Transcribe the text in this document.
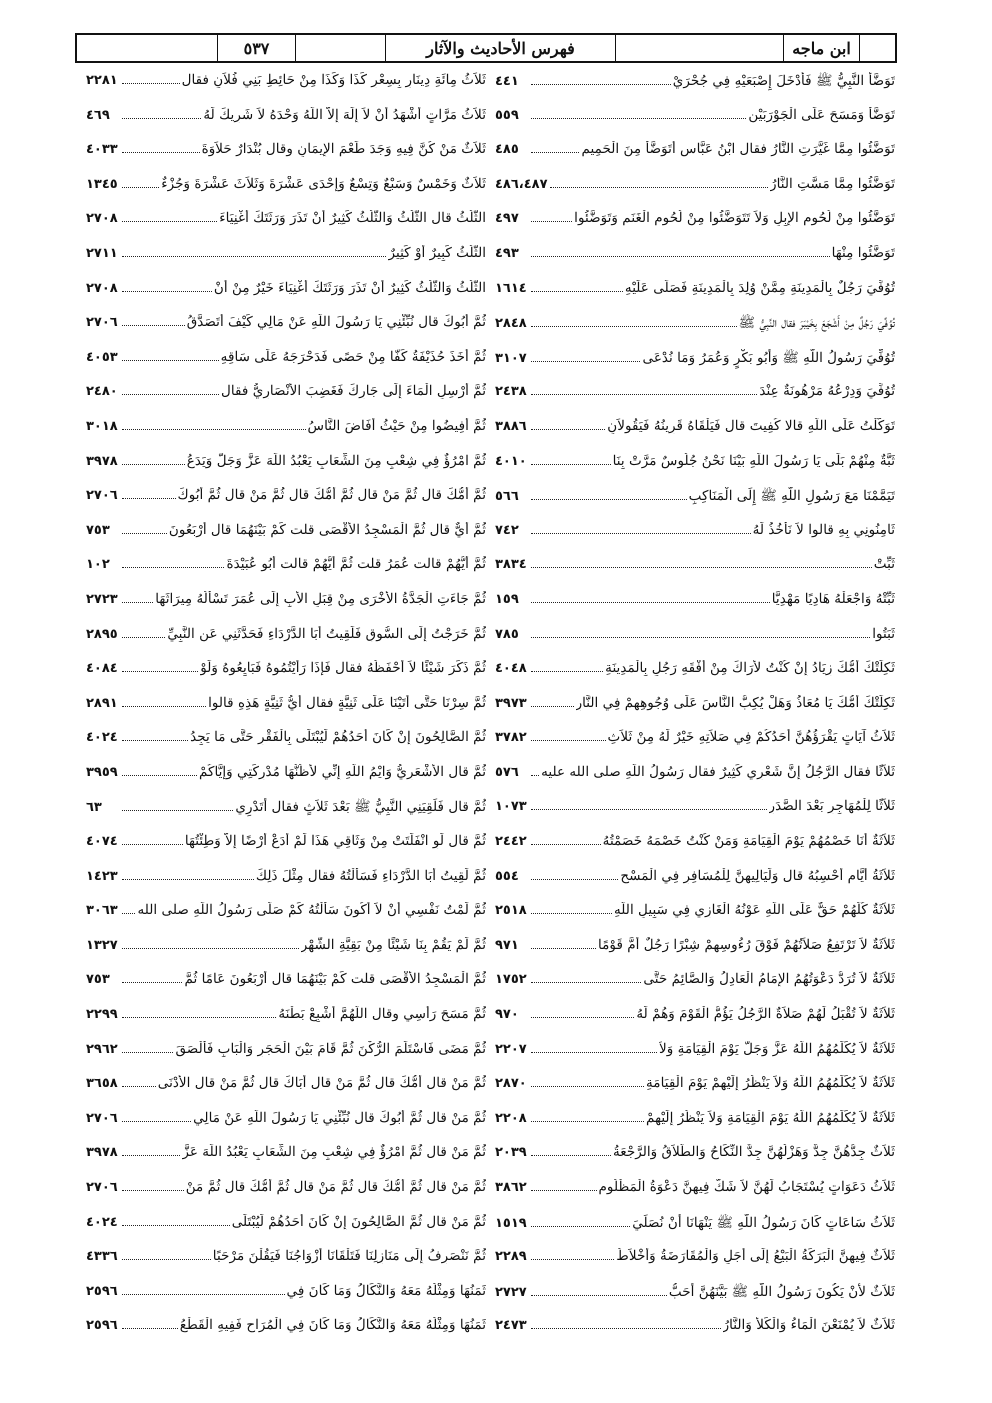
ابن ماجه
فهرس الأحاديث والآثار
٥٣٧
تَوَضَّأَ النَّبِيُّ ﷺ فَأَدْخَلَ إِصْبَعَيْهِ فِي جُحْرَيْ
٤٤١
تَوَضَّأَ وَمَسَحَ عَلَى الْجَوْرَبَيْنِ
٥٥٩
تَوَضَّئُوا مِمَّا غَيَّرَتِ النَّارُ فقال ابْنُ عَبَّاسٍ أَتَوَضَّأُ مِنَ الْحَمِيمِ
٤٨٥
تَوَضَّئُوا مِمَّا مَسَّتِ النَّارُ
٤٨٦،٤٨٧
تَوَضَّئُوا مِنْ لُحُومِ الإِبِلِ وَلاَ تَتَوَضَّئُوا مِنْ لُحُومِ الْغَنَمِ وَتَوَضَّئُوا
٤٩٧
تَوَضَّئُوا مِنْهَا
٤٩٣
تُوُفِّيَ رَجُلٌ بِالْمَدِينَةِ مِمَّنْ وُلِدَ بِالْمَدِينَةِ فَصَلَّى عَلَيْهِ
١٦١٤
تُوُفِّيَ رَجُلٌ مِنْ أَشْجَعَ بِخَيْبَرَ فقال النَّبِيُّ ﷺ
٢٨٤٨
تُوُفِّيَ رَسُولُ اللَّهِ ﷺ وَأَبُو بَكْرٍ وَعُمَرُ وَمَا نُدْعَى
٣١٠٧
تُوُفِّيَ وَدِرْعُهُ مَرْهُونَةٌ عِنْدَ
٢٤٣٨
تَوَكَّلْتُ عَلَى اللَّهِ قالا كُفِيتَ قال فَيَلْقَاهُ قَرِينُهُ فَيَقُولاَنِ
٣٨٨٦
ثَبَّةٌ مِنْهُمْ بَلَى يَا رَسُولَ اللَّهِ بَيْنَا نَحْنُ جُلُوسٌ مَرَّتْ بِنَا
٤٠١٠
تَيَمَّمْنَا مَعَ رَسُولِ اللَّهِ ﷺ إِلَى الْمَنَاكِبِ
٥٦٦
ثَامِنُونِي بِهِ قالوا لاَ نَأْخُذُ لَهُ
٧٤٢
ثَبِّتْ
٣٨٣٤
ثَبِّتْهُ وَاجْعَلْهُ هَادِيًا مَهْدِيًّا
١٥٩
ثَبَتُوا
٧٨٥
ثَكِلَتْكَ أُمُّكَ زِيَادُ إِنْ كُنْتُ لأَرَاكَ مِنْ أَفْقَهِ رَجُلٍ بِالْمَدِينَةِ
٤٠٤٨
ثَكِلَتْكَ أُمُّكَ يَا مُعَاذُ وَهَلْ يُكِبُّ النَّاسَ عَلَى وُجُوهِهِمْ فِي النَّارِ
٣٩٧٣
ثَلاَثُ آيَاتٍ يَقْرَؤُهُنَّ أَحَدُكُمْ فِي صَلاَتِهِ خَيْرٌ لَهُ مِنْ ثَلاَثِ
٣٧٨٢
ثَلاَثًا فقال الرَّجُلُ إِنَّ شَعْرِي كَثِيرٌ فقال رَسُولُ اللَّهِ صلى الله عليه
٥٧٦
ثَلاَثًا لِلْمُهَاجِرِ بَعْدَ الصَّدَرِ
١٠٧٣
ثَلاَثَةٌ أَنَا خَصْمُهُمْ يَوْمَ الْقِيَامَةِ وَمَنْ كُنْتُ خَصْمَهُ خَصَمْتُهُ
٢٤٤٢
ثَلاَثَةُ أَيَّامٍ أَحْسِبُهُ قال وَلَيَالِيهِنَّ لِلْمُسَافِرِ فِي الْمَسْحِ
٥٥٤
ثَلاَثَةٌ كُلُّهُمْ حَقٌّ عَلَى اللَّهِ عَوْنُهُ الْغَازِي فِي سَبِيلِ اللَّهِ
٢٥١٨
ثَلاَثَةٌ لاَ تَرْتَفِعُ صَلاَتُهُمْ فَوْقَ رُءُوسِهِمْ شِبْرًا رَجُلٌ أَمَّ قَوْمًا
٩٧١
ثَلاَثَةٌ لاَ تُرَدُّ دَعْوَتُهُمُ الإِمَامُ الْعَادِلُ وَالصَّائِمُ حَتَّى
١٧٥٢
ثَلاَثَةٌ لاَ تُقْبَلُ لَهُمْ صَلاَةٌ الرَّجُلُ يَؤُمُّ الْقَوْمَ وَهُمْ لَهُ
٩٧٠
ثَلاَثَةٌ لاَ يُكَلِّمُهُمُ اللَّهُ عَزَّ وَجَلَّ يَوْمَ الْقِيَامَةِ وَلاَ
٢٢٠٧
ثَلاَثَةٌ لاَ يُكَلِّمُهُمُ اللَّهُ وَلاَ يَنْظُرُ إِلَيْهِمْ يَوْمَ الْقِيَامَةِ
٢٨٧٠
ثَلاَثَةٌ لاَ يُكَلِّمُهُمُ اللَّهُ يَوْمَ الْقِيَامَةِ وَلاَ يَنْظُرُ إِلَيْهِمْ
٢٢٠٨
ثَلاَثٌ جِدُّهُنَّ جِدٌّ وَهَزْلُهُنَّ جِدٌّ النِّكَاحُ وَالطَّلاَقُ وَالرَّجْعَةُ
٢٠٣٩
ثَلاَثُ دَعَوَاتٍ يُسْتَجَابُ لَهُنَّ لاَ شَكَّ فِيهِنَّ دَعْوَةُ الْمَظْلُومِ
٣٨٦٢
ثَلاَثُ سَاعَاتٍ كَانَ رَسُولُ اللَّهِ ﷺ يَنْهَانَا أَنْ نُصَلِّيَ
١٥١٩
ثَلاَثٌ فِيهِنَّ الْبَرَكَةُ الْبَيْعُ إِلَى أَجَلٍ وَالْمُقَارَضَةُ وَأَخْلاَطُ
٢٢٨٩
ثَلاَثٌ لأَنْ يَكُونَ رَسُولُ اللَّهِ ﷺ بَيَّنَهُنَّ أَحَبُّ
٢٧٢٧
ثَلاَثٌ لاَ يُمْنَعْنَ الْمَاءُ وَالْكَلأُ وَالنَّارُ
٢٤٧٣
ثَلاَثُ مِائَةِ دِينَارٍ بِسِعْرِ كَذَا وَكَذَا مِنْ حَائِطِ بَنِي فُلاَنٍ فقال
٢٢٨١
ثَلاَثُ مَرَّاتٍ أَشْهَدُ أَنْ لاَ إِلَهَ إِلاَّ اللَّهُ وَحْدَهُ لاَ شَرِيكَ لَهُ
٤٦٩
ثَلاَثٌ مَنْ كُنَّ فِيهِ وَجَدَ طَعْمَ الإِيمَانِ وقال بُنْدَارٌ حَلاَوَةَ
٤٠٣٣
ثَلاَثٌ وَخَمْسٌ وَسَبْعٌ وَتِسْعٌ وَإِحْدَى عَشْرَةَ وَثَلاَثَ عَشْرَةَ وَجُزْءٌ
١٣٤٥
الثُّلُثُ قال الثُّلُثُ وَالثُّلُثُ كَثِيرٌ أَنْ تَذَرَ وَرَثَتَكَ أَغْنِيَاءَ
٢٧٠٨
الثُّلُثُ كَبِيرٌ أَوْ كَثِيرٌ
٢٧١١
الثُّلُثُ وَالثُّلُثُ كَثِيرٌ أَنْ تَذَرَ وَرَثَتَكَ أَغْنِيَاءَ خَيْرٌ مِنْ أَنْ
٢٧٠٨
ثُمَّ أَبُوكَ قال نُبِّئْنِي يَا رَسُولَ اللَّهِ عَنْ مَالِي كَيْفَ أَتَصَدَّقُ
٢٧٠٦
ثُمَّ أَخَذَ حُذَيْفَةُ كَفًّا مِنْ حَصًى فَدَحْرَجَهُ عَلَى سَاقِهِ
٤٠٥٣
ثُمَّ أَرْسِلِ الْمَاءَ إِلَى جَارِكَ فَغَضِبَ الأَنْصَارِيُّ فقال
٢٤٨٠
ثُمَّ أَفِيضُوا مِنْ حَيْثُ أَفَاضَ النَّاسُ
٣٠١٨
ثُمَّ امْرُؤٌ فِي شِعْبٍ مِنَ الشِّعَابِ يَعْبُدُ اللَّهَ عَزَّ وَجَلَّ وَيَدَعُ
٣٩٧٨
ثُمَّ أُمُّكَ قال ثُمَّ مَنْ قال ثُمَّ أُمُّكَ قال ثُمَّ مَنْ قال ثُمَّ أَبُوكَ
٢٧٠٦
ثُمَّ أَيٌّ قال ثُمَّ الْمَسْجِدُ الأَقْصَى قلت كَمْ بَيْنَهُمَا قال أَرْبَعُونَ
٧٥٣
ثُمَّ أَيُّهُمْ قالت عُمَرُ قلت ثُمَّ أَيُّهُمْ قالت أَبُو عُبَيْدَةَ
١٠٢
ثُمَّ جَاءَتِ الْجَدَّةُ الأُخْرَى مِنْ قِبَلِ الأَبِ إِلَى عُمَرَ تَسْأَلُهُ مِيرَاثَهَا
٢٧٢٣
ثُمَّ خَرَجْتُ إِلَى السُّوقِ فَلَقِيتُ أَبَا الدَّرْدَاءِ فَحَدَّثَنِي عَنِ النَّبِيِّ
٢٨٩٥
ثُمَّ ذَكَرَ شَيْئًا لاَ أَحْفَظُهُ فقال فَإِذَا رَأَيْتُمُوهُ فَبَايِعُوهُ وَلَوْ
٤٠٨٤
ثُمَّ سِرْنَا حَتَّى أَتَيْنَا عَلَى ثَنِيَّةٍ فقال أَيُّ ثَنِيَّةٍ هَذِهِ قالوا
٢٨٩١
ثُمَّ الصَّالِحُونَ إِنْ كَانَ أَحَدُهُمْ لَيُبْتَلَى بِالْفَقْرِ حَتَّى مَا يَجِدُ
٤٠٢٤
ثُمَّ قال الأَشْعَرِيُّ وَايْمُ اللَّهِ إِنِّي لأَظُنُّهَا مُدْرِكَتِي وَإِيَّاكُمْ
٣٩٥٩
ثُمَّ قال فَلَقِيَنِي النَّبِيُّ ﷺ بَعْدَ ثَلاَثٍ فقال أَتَدْرِي
٦٣
ثُمَّ قال لَوِ انْفَلَتَتْ مِنْ وَثَاقِي هَذَا لَمْ أَدَعْ أَرْضًا إِلاَّ وَطِئْتُهَا
٤٠٧٤
ثُمَّ لَقِيتُ أَبَا الدَّرْدَاءِ فَسَأَلْتُهُ فقال مِثْلَ ذَلِكَ
١٤٢٣
ثُمَّ لَمْتُ نَفْسِي أَنْ لاَ أَكُونَ سَأَلْتُهُ كَمْ صَلَّى رَسُولُ اللَّهِ صلى الله
٣٠٦٣
ثُمَّ لَمْ يَقُمْ بِنَا شَيْئًا مِنْ بَقِيَّةِ الشَّهْرِ
١٣٢٧
ثُمَّ الْمَسْجِدُ الأَقْصَى قلت كَمْ بَيْنَهُمَا قال أَرْبَعُونَ عَامًا ثُمَّ
٧٥٣
ثُمَّ مَسَحَ رَأْسِي وقال اللَّهُمَّ أَشْبِعْ بَطْنَهُ
٢٢٩٩
ثُمَّ مَضَى فَاسْتَلَمَ الرُّكْنَ ثُمَّ قَامَ بَيْنَ الْحَجَرِ وَالْبَابِ فَأَلْصَقَ
٢٩٦٢
ثُمَّ مَنْ قال أُمُّكَ قال ثُمَّ مَنْ قال أَبَاكَ قال ثُمَّ مَنْ قال الأَدْنَى
٣٦٥٨
ثُمَّ مَنْ قال ثُمَّ أَبُوكَ قال نُبِّئْنِي يَا رَسُولَ اللَّهِ عَنْ مَالِي
٢٧٠٦
ثُمَّ مَنْ قال ثُمَّ امْرُؤٌ فِي شِعْبٍ مِنَ الشِّعَابِ يَعْبُدُ اللَّهَ عَزَّ
٣٩٧٨
ثُمَّ مَنْ قال ثُمَّ أُمُّكَ قال ثُمَّ مَنْ قال ثُمَّ أُمُّكَ قال ثُمَّ مَنْ
٢٧٠٦
ثُمَّ مَنْ قال ثُمَّ الصَّالِحُونَ إِنْ كَانَ أَحَدُهُمْ لَيُبْتَلَى
٤٠٢٤
ثُمَّ نَنْصَرِفُ إِلَى مَنَازِلِنَا فَتَلْقَانَا أَزْوَاجُنَا فَيَقُلْنَ مَرْحَبًا
٤٣٣٦
ثَمَنُهَا وَمِثْلُهُ مَعَهُ وَالنَّكَالُ وَمَا كَانَ فِي
٢٥٩٦
ثَمَنُهَا وَمِثْلُهُ مَعَهُ وَالنَّكَالُ وَمَا كَانَ فِي الْمُرَاحِ فَفِيهِ الْقَطْعُ
٢٥٩٦
